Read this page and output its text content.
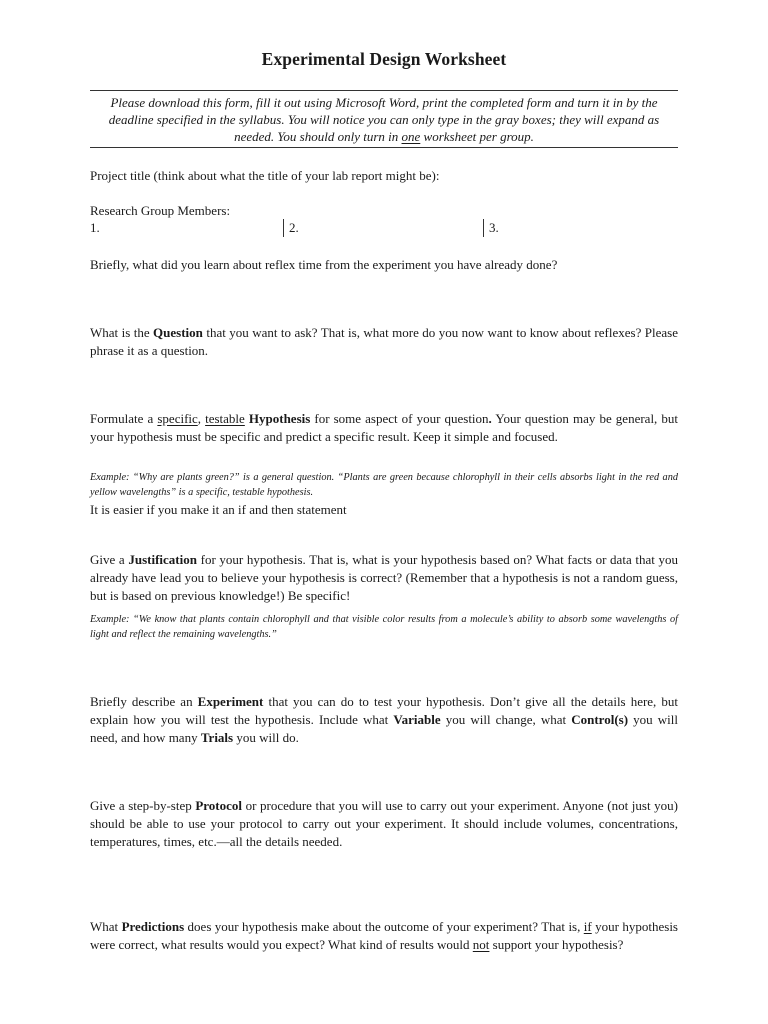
Experimental Design Worksheet
Please download this form, fill it out using Microsoft Word, print the completed form and turn it in by the deadline specified in the syllabus. You will notice you can only type in the gray boxes; they will expand as needed. You should only turn in one worksheet per group.
Project title (think about what the title of your lab report might be):
Research Group Members:
1.	2.	3.
Briefly, what did you learn about reflex time from the experiment you have already done?
What is the Question that you want to ask? That is, what more do you now want to know about reflexes? Please phrase it as a question.
Formulate a specific, testable Hypothesis for some aspect of your question. Your question may be general, but your hypothesis must be specific and predict a specific result. Keep it simple and focused.
Example: “Why are plants green?” is a general question. “Plants are green because chlorophyll in their cells absorbs light in the red and yellow wavelengths” is a specific, testable hypothesis.
It is easier if you make it an if and then statement
Give a Justification for your hypothesis. That is, what is your hypothesis based on? What facts or data that you already have lead you to believe your hypothesis is correct? (Remember that a hypothesis is not a random guess, but is based on previous knowledge!) Be specific!
Example: “We know that plants contain chlorophyll and that visible color results from a molecule’s ability to absorb some wavelengths of light and reflect the remaining wavelengths.”
Briefly describe an Experiment that you can do to test your hypothesis. Don’t give all the details here, but explain how you will test the hypothesis. Include what Variable you will change, what Control(s) you will need, and how many Trials you will do.
Give a step-by-step Protocol or procedure that you will use to carry out your experiment. Anyone (not just you) should be able to use your protocol to carry out your experiment. It should include volumes, concentrations, temperatures, times, etc.—all the details needed.
What Predictions does your hypothesis make about the outcome of your experiment? That is, if your hypothesis were correct, what results would you expect? What kind of results would not support your hypothesis?
